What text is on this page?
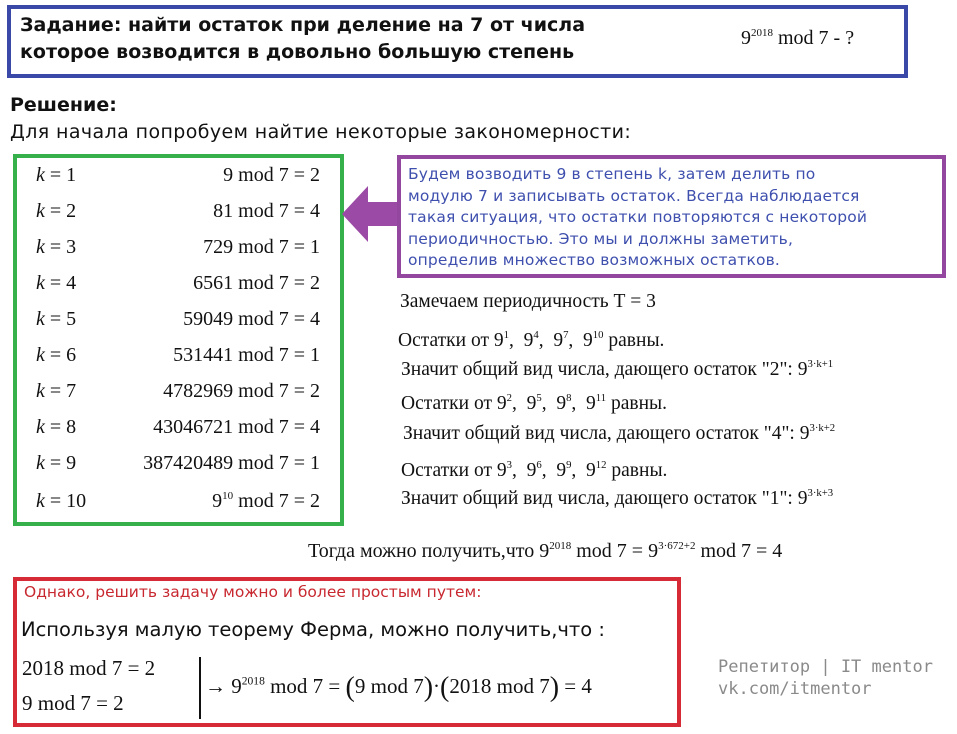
Задание: найти остаток при деление на 7 от числа
которое возводится в довольно большую степень
$9^{2018}$ mod 7 - ?
Решение:
Для начала попробуем найтие некоторые закономерности:
k = 1	9 mod 7 = 2
k = 2	81 mod 7 = 4
k = 3	729 mod 7 = 1
k = 4	6561 mod 7 = 2
k = 5	59049 mod 7 = 4
k = 6	531441 mod 7 = 1
k = 7	4782969 mod 7 = 2
k = 8	43046721 mod 7 = 4
k = 9	387420489 mod 7 = 1
k = 10	$9^{10}$ mod 7 = 2
Будем возводить 9 в степень k, затем делить по
модулю 7 и записывать остаток. Всегда наблюдается
такая ситуация, что остатки повторяются с некоторой
периодичностью. Это мы и должны заметить,
определив множество возможных остатков.
Замечаем периодичность Т = 3
Остатки от $9^1$,  $9^4$,  $9^7$,  $9^{10}$ равны.
Значит общий вид числа, дающего остаток "2": $9^{3\cdot k+1}$
Остатки от $9^2$,  $9^5$,  $9^8$,  $9^{11}$ равны.
Значит общий вид числа, дающего остаток "4": $9^{3\cdot k+2}$
Остатки от $9^3$,  $9^6$,  $9^9$,  $9^{12}$ равны.
Значит общий вид числа, дающего остаток "1": $9^{3\cdot k+3}$
Тогда можно получить,что $9^{2018}$ mod $7 = 9^{3\cdot 672+2}$ mod 7 = 4
Однако, решить задачу можно и более простым путем:
Используя малую теорему Ферма, можно получить,что :
2018 mod 7 = 2
9 mod 7 = 2
→ $9^{2018}$ mod 7 = (9 mod 7)·(2018 mod 7) = 4
Репетитор | IT mentor
vk.com/itmentor
